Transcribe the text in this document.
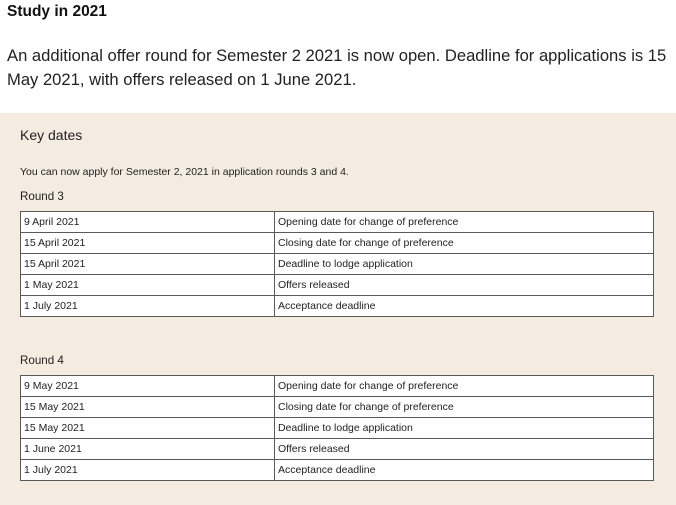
Study in 2021
An additional offer round for Semester 2 2021 is now open. Deadline for applications is 15 May 2021, with offers released on 1 June 2021.
Key dates
You can now apply for Semester 2, 2021 in application rounds 3 and 4.
Round 3
9 April 2021	Opening date for change of preference
15 April 2021	Closing date for change of preference
15 April 2021	Deadline to lodge application
1 May 2021	Offers released
1 July 2021	Acceptance deadline
Round 4
9 May 2021	Opening date for change of preference
15 May 2021	Closing date for change of preference
15 May 2021	Deadline to lodge application
1 June 2021	Offers released
1 July 2021	Acceptance deadline
